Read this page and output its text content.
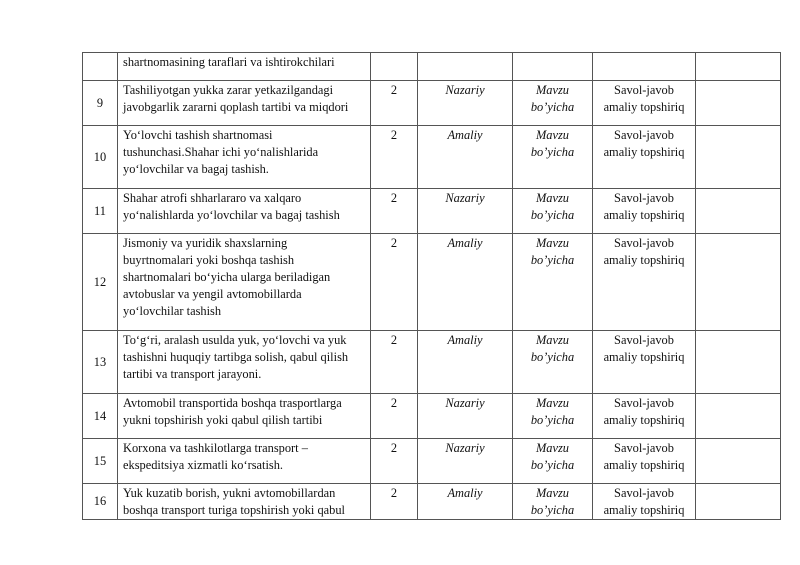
	shartnomasining taraflari va ishtirokchilari					
9	Tashiliyotgan yukka zarar yetkazilgandagi
javobgarlik zararni qoplash tartibi va miqdori	2	Nazariy	Mavzu
bo’yicha	Savol-javob
amaliy topshiriq	

10	Yo‘lovchi tashish shartnomasi
tushunchasi.Shahar ichi yo‘nalishlarida
yo‘lovchilar va bagaj tashish.	2	Amaliy	Mavzu
bo’yicha	Savol-javob
amaliy topshiriq	

11	Shahar atrofi shharlararo va xalqaro
yo‘nalishlarda yo‘lovchilar va bagaj tashish	2	Nazariy	Mavzu
bo’yicha	Savol-javob
amaliy topshiriq	

12	Jismoniy va yuridik shaxslarning
buyrtnomalari yoki boshqa tashish
shartnomalari bo‘yicha ularga beriladigan
avtobuslar va yengil avtomobillarda
yo‘lovchilar tashish	2	Amaliy	Mavzu
bo’yicha	Savol-javob
amaliy topshiriq	

13	To‘g‘ri, aralash usulda yuk, yo‘lovchi va yuk
tashishni huquqiy tartibga solish, qabul qilish
tartibi va transport jarayoni.	2	Amaliy	Mavzu
bo’yicha	Savol-javob
amaliy topshiriq	

14	Avtomobil transportida boshqa trasportlarga
yukni topshirish yoki qabul qilish tartibi	2	Nazariy	Mavzu
bo’yicha	Savol-javob
amaliy topshiriq	

15	Korxona va tashkilotlarga transport –
ekspeditsiya xizmatli ko‘rsatish.	2	Nazariy	Mavzu
bo’yicha	Savol-javob
amaliy topshiriq	

16	Yuk kuzatib borish, yukni avtomobillardan
boshqa transport turiga topshirish yoki qabul	2	Amaliy	Mavzu
bo’yicha	Savol-javob
amaliy topshiriq	
